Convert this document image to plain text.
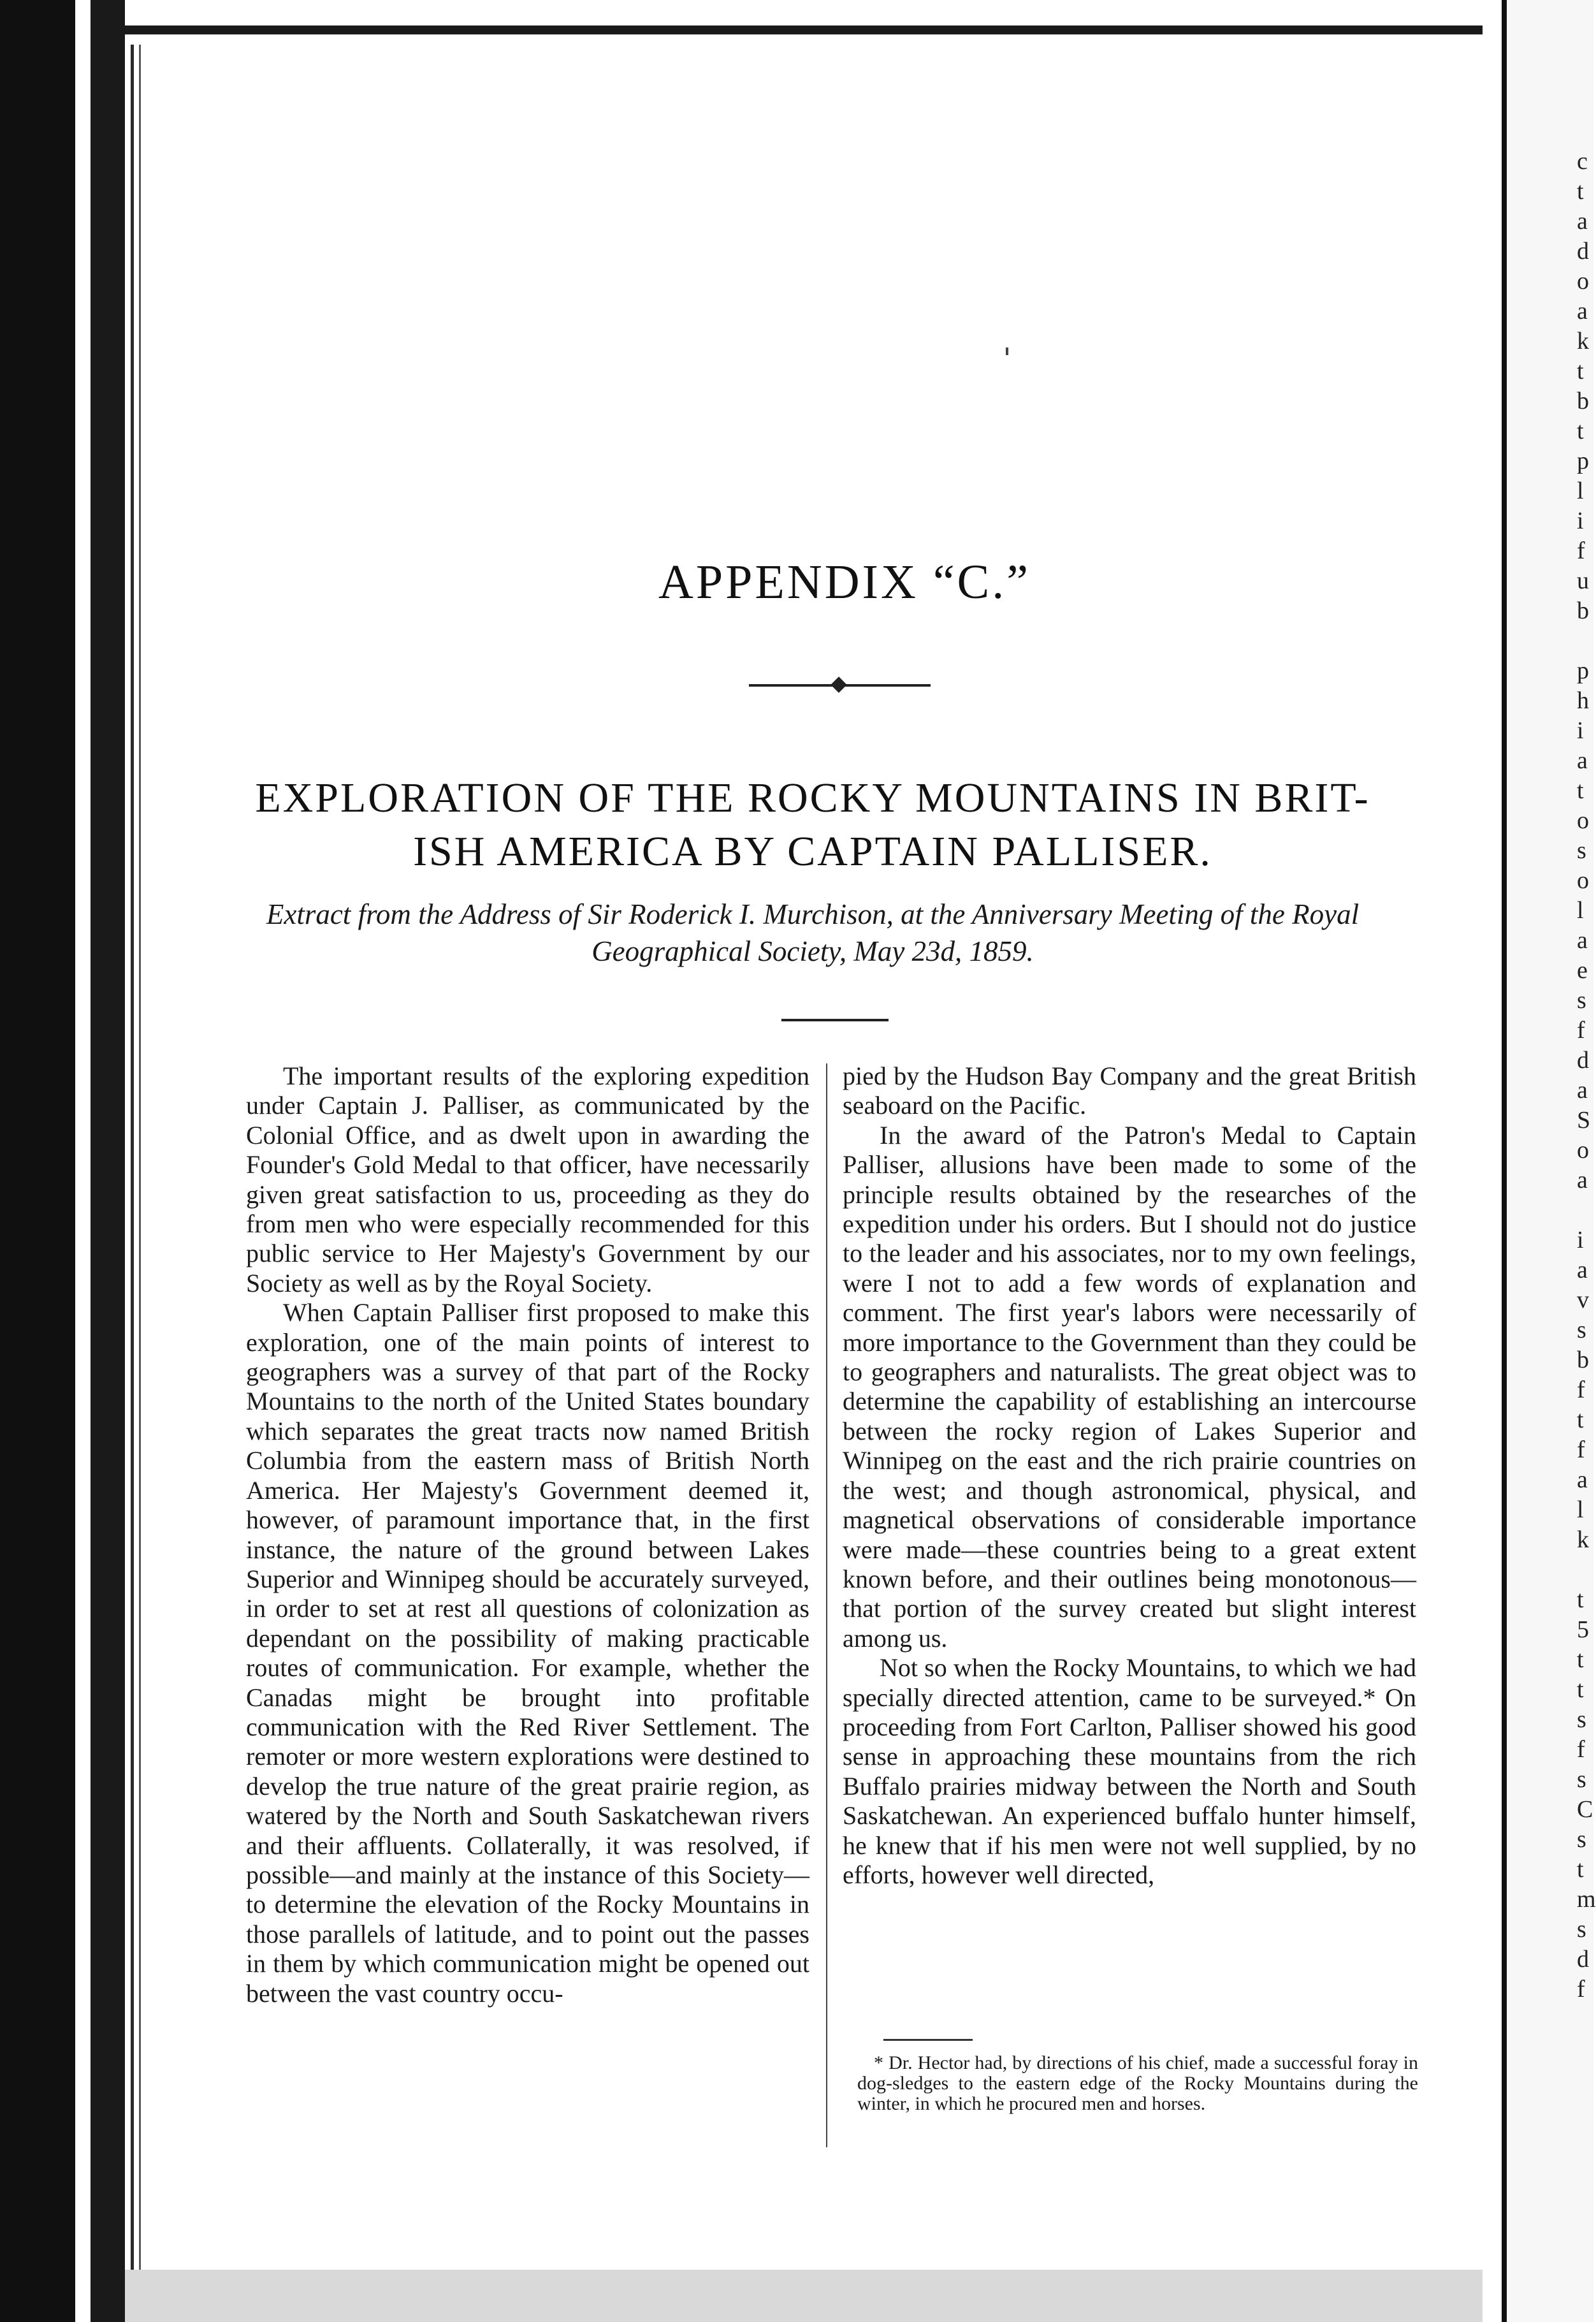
c
t
a
d
o
a
k
t
b
t
p
l
i
f
u
b
p
h
i
a
t
o
s
o
l
a
e
s
f
d
a
S
o
a
i
a
v
s
b
f
t
f
a
l
k
t
5
t
t
s
f
s
C
s
t
m
s
d
f
APPENDIX “C.”
EXPLORATION OF THE ROCKY MOUNTAINS IN BRIT-
ISH AMERICA BY CAPTAIN PALLISER.
Extract from the Address of Sir Roderick I. Murchison, at the Anniversary Meeting of the Royal
Geographical Society, May 23d, 1859.

The important results of the exploring expedition under Captain J. Palliser, as communicated by the Colonial Office, and as dwelt upon in awarding the Founder's Gold Medal to that officer, have necessarily given great satisfaction to us, proceeding as they do from men who were especially recommended for this public service to Her Majesty's Government by our Society as well as by the Royal Society.

When Captain Palliser first proposed to make this exploration, one of the main points of interest to geographers was a survey of that part of the Rocky Mountains to the north of the United States boundary which separates the great tracts now named British Columbia from the eastern mass of British North America. Her Majesty's Government deemed it, however, of paramount importance that, in the first instance, the nature of the ground between Lakes Superior and Winnipeg should be accurately surveyed, in order to set at rest all questions of colonization as dependant on the possibility of making practicable routes of communication. For example, whether the Canadas might be brought into profitable communication with the Red River Settlement. The remoter or more western explorations were destined to develop the true nature of the great prairie region, as watered by the North and South Saskatchewan rivers and their affluents. Collaterally, it was resolved, if possible—and mainly at the instance of this Society—to determine the elevation of the Rocky Mountains in those parallels of latitude, and to point out the passes in them by which communication might be opened out between the vast country occu-

pied by the Hudson Bay Company and the great British seaboard on the Pacific.

In the award of the Patron's Medal to Captain Palliser, allusions have been made to some of the principle results obtained by the researches of the expedition under his orders. But I should not do justice to the leader and his associates, nor to my own feelings, were I not to add a few words of explanation and comment. The first year's labors were necessarily of more importance to the Government than they could be to geographers and naturalists. The great object was to determine the capability of establishing an intercourse between the rocky region of Lakes Superior and Winnipeg on the east and the rich prairie countries on the west; and though astronomical, physical, and magnetical observations of considerable importance were made—these countries being to a great extent known before, and their outlines being monotonous—that portion of the survey created but slight interest among us.

Not so when the Rocky Mountains, to which we had specially directed attention, came to be surveyed.* On proceeding from Fort Carlton, Palliser showed his good sense in approaching these mountains from the rich Buffalo prairies midway between the North and South Saskatchewan. An experienced buffalo hunter himself, he knew that if his men were not well supplied, by no efforts, however well directed,

* Dr. Hector had, by directions of his chief, made a successful foray in dog-sledges to the eastern edge of the Rocky Mountains during the winter, in which he procured men and horses.
